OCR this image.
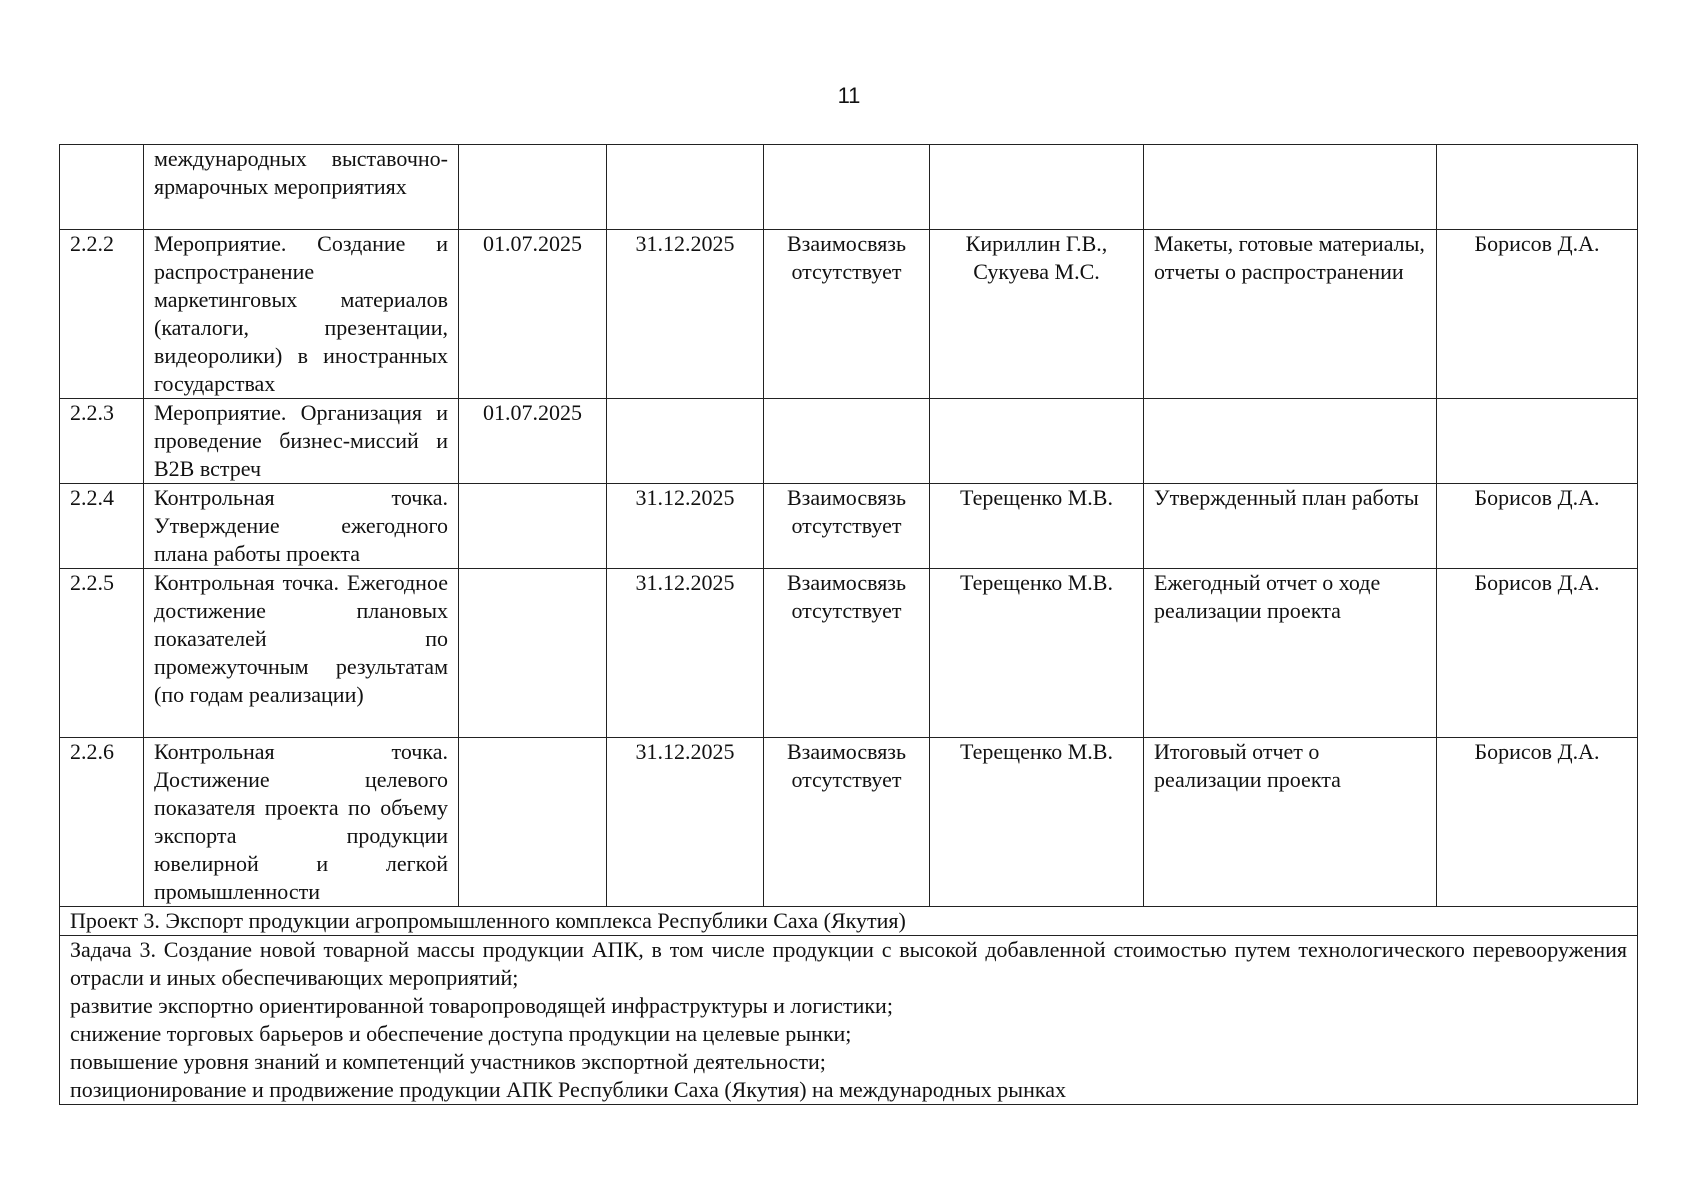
11
	международных выставочно-ярмарочных мероприятиях						
2.2.2	Мероприятие. Создание и распространение маркетинговых материалов (каталоги, презентации, видеоролики) в иностранных государствах	01.07.2025	31.12.2025	Взаимосвязь отсутствует	Кириллин Г.В., Сукуева М.С.	Макеты, готовые материалы, отчеты о распространении	Борисов Д.А.
2.2.3	Мероприятие. Организация и проведение бизнес-миссий и B2B встреч	01.07.2025					
2.2.4	Контрольная точка. Утверждение ежегодного плана работы проекта		31.12.2025	Взаимосвязь отсутствует	Терещенко М.В.	Утвержденный план работы	Борисов Д.А.
2.2.5	Контрольная точка. Ежегодное достижение плановых показателей по промежуточным результатам (по годам реализации)		31.12.2025	Взаимосвязь отсутствует	Терещенко М.В.	Ежегодный отчет о ходе реализации проекта	Борисов Д.А.
2.2.6	Контрольная точка. Достижение целевого показателя проекта по объему экспорта продукции ювелирной и легкой промышленности		31.12.2025	Взаимосвязь отсутствует	Терещенко М.В.	Итоговый отчет о реализации проекта	Борисов Д.А.
Проект 3. Экспорт продукции агропромышленного комплекса Республики Саха (Якутия)							

Задача 3. Создание новой товарной массы продукции АПК, в том числе продукции с высокой добавленной стоимостью путем технологического перевооружения отрасли и иных обеспечивающих мероприятий;
развитие экспортно ориентированной товаропроводящей инфраструктуры и логистики;
снижение торговых барьеров и обеспечение доступа продукции на целевые рынки;
повышение уровня знаний и компетенций участников экспортной деятельности;
позиционирование и продвижение продукции АПК Республики Саха (Якутия) на международных рынках							
